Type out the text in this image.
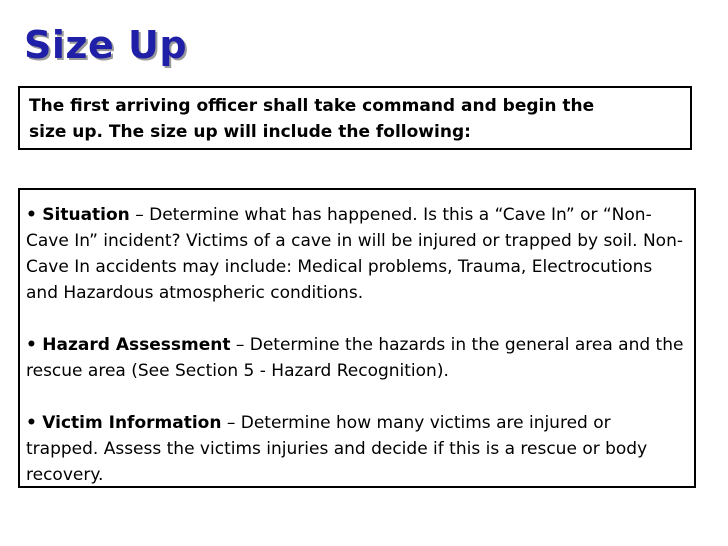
Size Up
The first arriving officer shall take command and begin the
size up. The size up will include the following:
• Situation – Determine what has happened. Is this a “Cave In” or “Non-Cave In” incident? Victims of a cave in will be injured or trapped by soil. Non-Cave In accidents may include: Medical problems, Trauma, Electrocutions and Hazardous atmospheric conditions.
• Hazard Assessment – Determine the hazards in the general area and the rescue area (See Section 5 - Hazard Recognition).
• Victim Information – Determine how many victims are injured or trapped. Assess the victims injuries and decide if this is a rescue or body recovery.
